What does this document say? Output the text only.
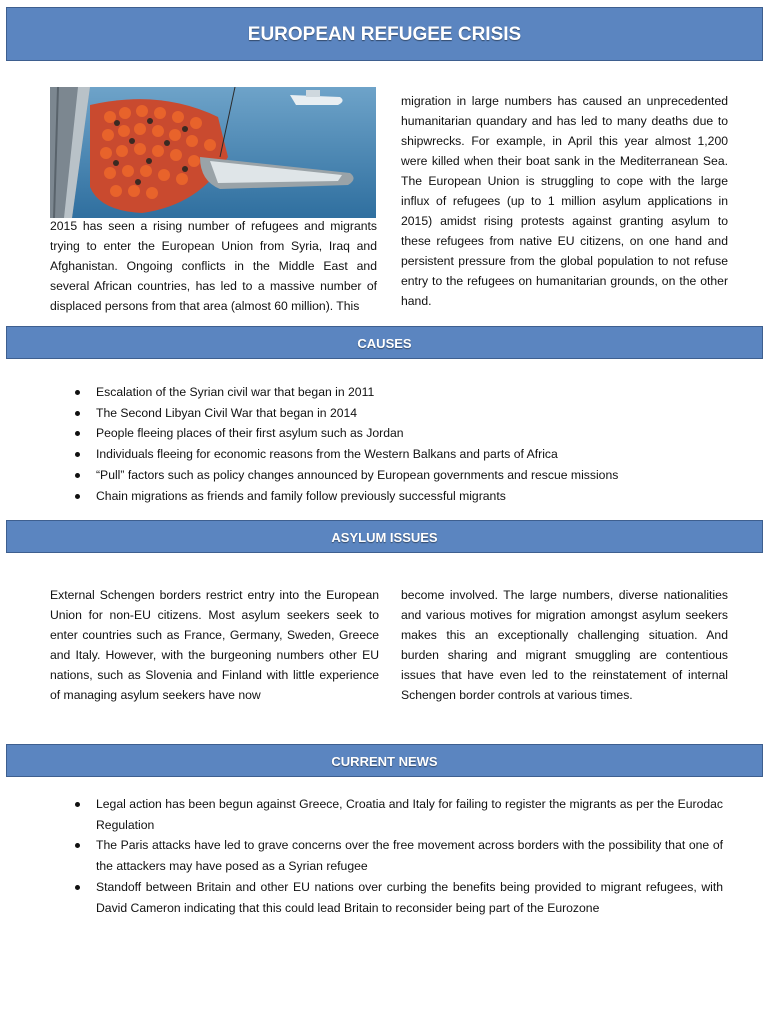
EUROPEAN REFUGEE CRISIS
2015 has seen a rising number of refugees and migrants trying to enter the European Union from Syria, Iraq and Afghanistan. Ongoing conflicts in the Middle East and several African countries, has led to a massive number of displaced persons from that area (almost 60 million). This
migration in large numbers has caused an unprecedented humanitarian quandary and has led to many deaths due to shipwrecks. For example, in April this year almost 1,200 were killed when their boat sank in the Mediterranean Sea. The European Union is struggling to cope with the large influx of refugees (up to 1 million asylum applications in 2015) amidst rising protests against granting asylum to these refugees from native EU citizens, on one hand and persistent pressure from the global population to not refuse entry to the refugees on humanitarian grounds, on the other hand.
CAUSES
Escalation of the Syrian civil war that began in 2011
The Second Libyan Civil War that began in 2014
People fleeing places of their first asylum such as Jordan
Individuals fleeing for economic reasons from the Western Balkans and parts of Africa
“Pull” factors such as policy changes announced by European governments and rescue missions
Chain migrations as friends and family follow previously successful migrants
ASYLUM ISSUES
External Schengen borders restrict entry into the European Union for non-EU citizens. Most asylum seekers seek to enter countries such as France, Germany, Sweden, Greece and Italy. However, with the burgeoning numbers other EU nations, such as Slovenia and Finland with little experience of managing asylum seekers have now
become involved. The large numbers, diverse nationalities and various motives for migration amongst asylum seekers makes this an exceptionally challenging situation. And burden sharing and migrant smuggling are contentious issues that have even led to the reinstatement of internal Schengen border controls at various times.
CURRENT NEWS
Legal action has been begun against Greece, Croatia and Italy for failing to register the migrants as per the Eurodac Regulation
The Paris attacks have led to grave concerns over the free movement across borders with the possibility that one of the attackers may have posed as a Syrian refugee
Standoff between Britain and other EU nations over curbing the benefits being provided to migrant refugees, with David Cameron indicating that this could lead Britain to reconsider being part of the Eurozone
